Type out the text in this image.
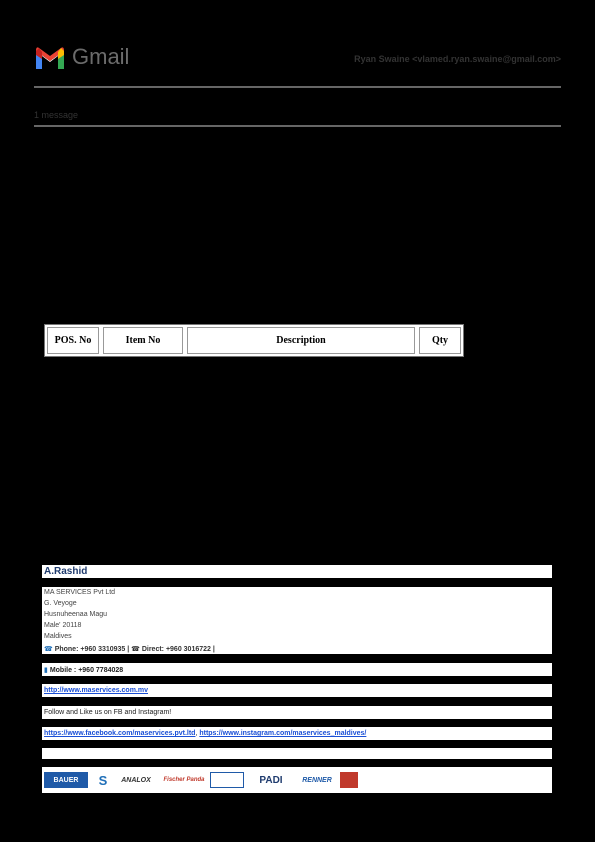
Gmail	Ryan Swaine <vlamed.ryan.swaine@gmail.com>
1 message
POS. No	Item No	Description	Qty
A.Rashid
MA SERVICES Pvt Ltd
G. Veyoge
Husnuheenaa Magu
Male' 20118
Maldives
☎ Phone: +960 3310935 | ☎ Direct: +960 3016722 |
▮ Mobile : +960 7784028
http://www.maservices.com.mv
Follow and Like us on FB and Instagram!
https://www.facebook.com/maservices.pvt.ltd, https://www.instagram.com/maservices_maldives/
BAUER	S	ANALOX	Fischer Panda	PADI	RENNER
